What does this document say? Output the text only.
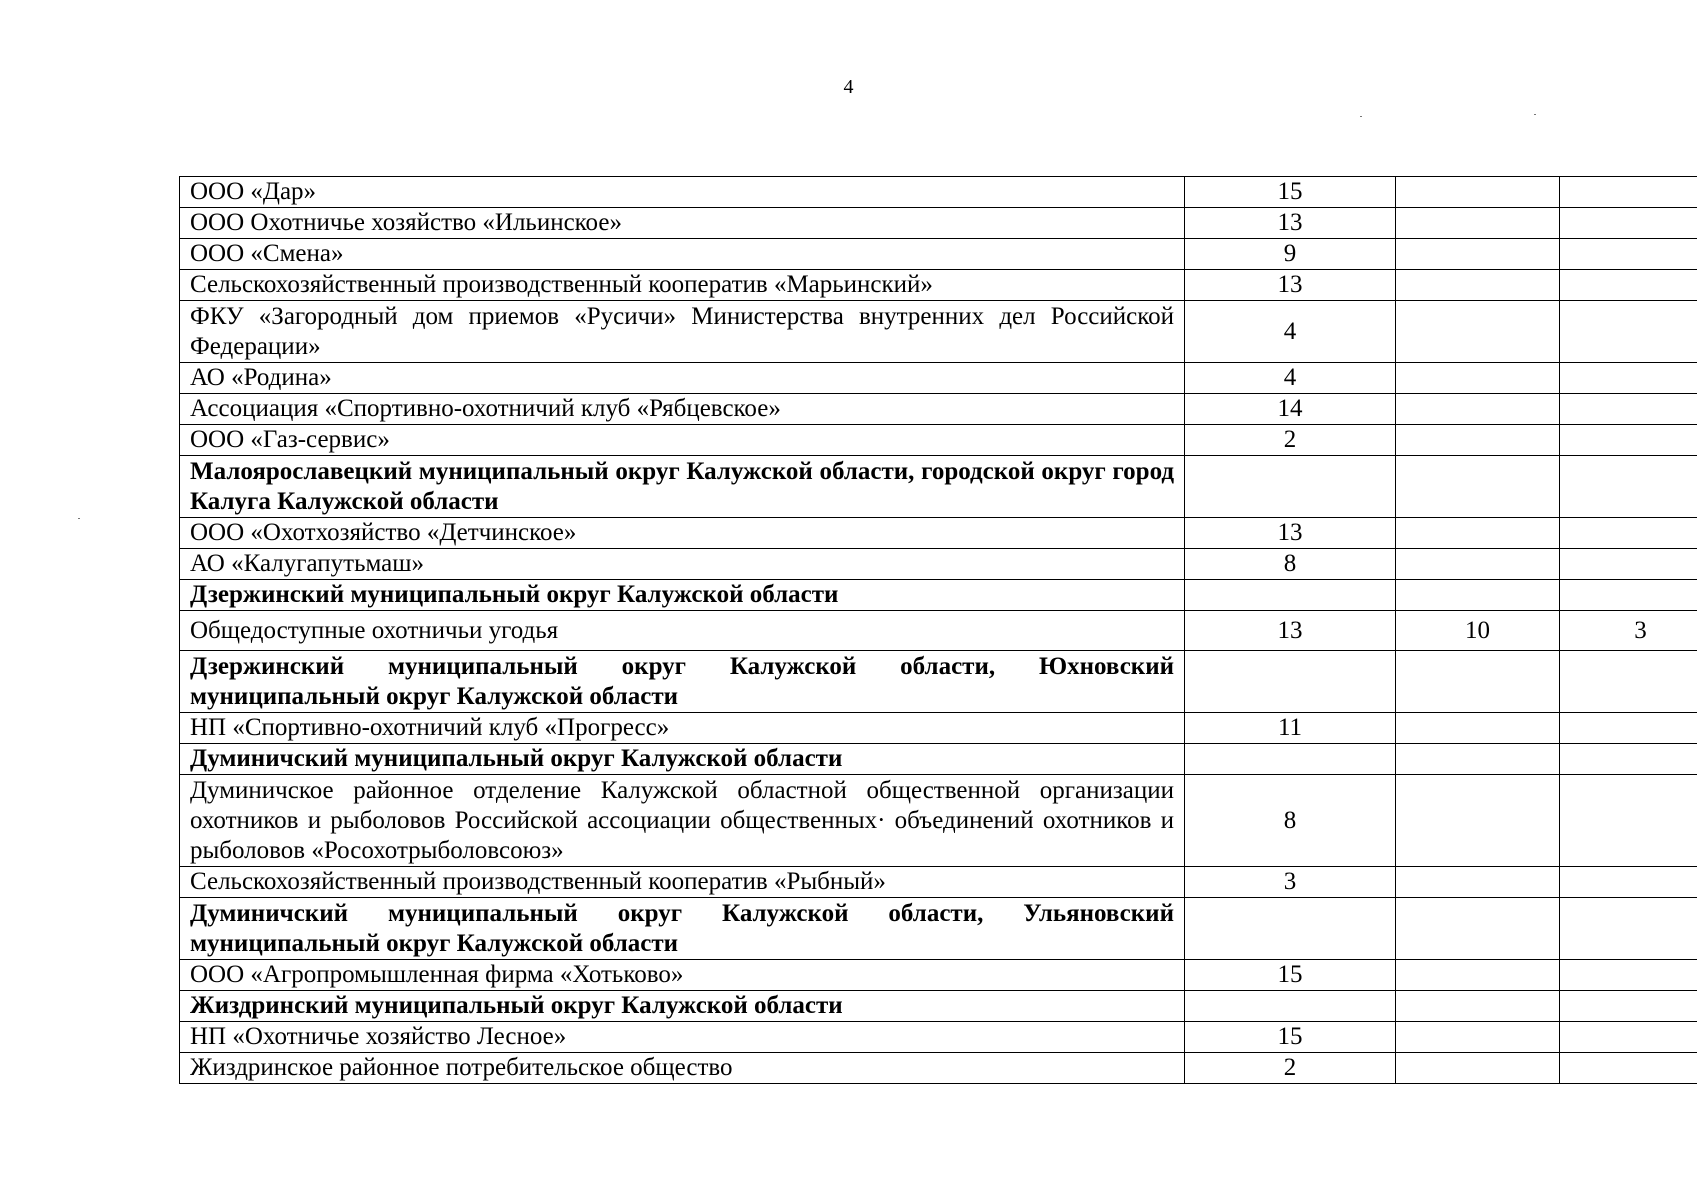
4
ООО «Дар»	15		
ООО Охотничье хозяйство «Ильинское»	13		
ООО «Смена»	9		
Сельскохозяйственный производственный кооператив «Марьинский»	13		
ФКУ «Загородный дом приемов «Русичи» Министерства внутренних дел Российской Федерации»	4		
АО «Родина»	4		
Ассоциация «Спортивно-охотничий клуб «Рябцевское»	14		
ООО «Газ-сервис»	2		
Малоярославецкий муниципальный округ Калужской области, городской округ город Калуга Калужской области			
ООО «Охотхозяйство «Детчинское»	13		
АО «Калугапутьмаш»	8		
Дзержинский муниципальный округ Калужской области			
Общедоступные охотничьи угодья	13	10	3
Дзержинский муниципальный округ Калужской области, Юхновский муниципальный округ Калужской области			
НП «Спортивно-охотничий клуб «Прогресс»	11		
Думиничский муниципальный округ Калужской области			
Думиничское районное отделение Калужской областной общественной организации охотников и рыболовов Российской ассоциации общественных· объединений охотников и рыболовов «Росохотрыболовсоюз»	8		
Сельскохозяйственный производственный кооператив «Рыбный»	3		
Думиничский муниципальный округ Калужской области, Ульяновский муниципальный округ Калужской области			
ООО «Агропромышленная фирма «Хотьково»	15		
Жиздринский муниципальный округ Калужской области			
НП «Охотничье хозяйство Лесное»	15		
Жиздринское районное потребительское общество	2		
